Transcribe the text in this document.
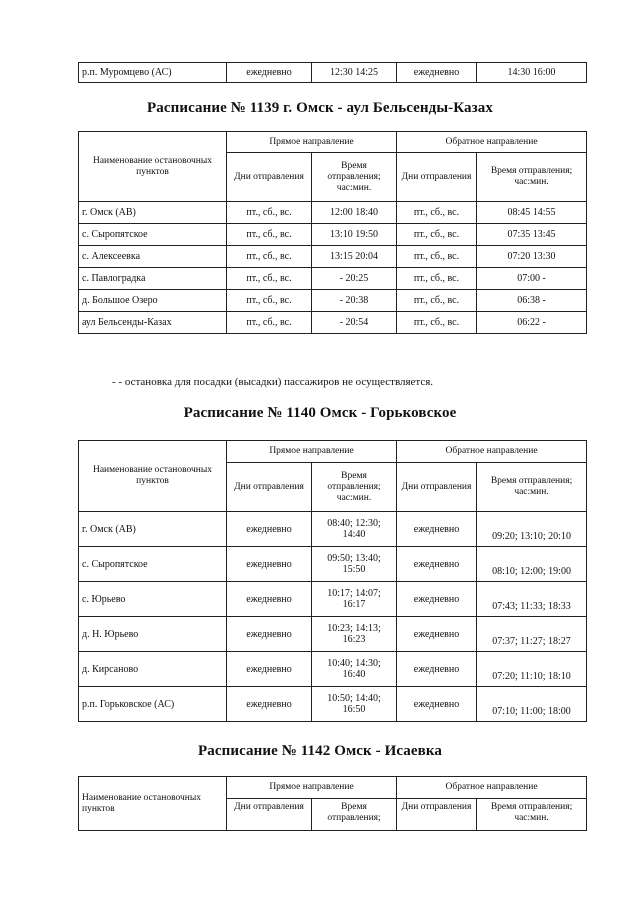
р.п. Муромцево (АС)	ежедневно	12:30 14:25	ежедневно	14:30 16:00
Расписание № 1139 г. Омск - аул Бельсенды-Казах
Наименование остановочных пунктов	Прямое направление		Обратное направление	
	Дни отправления	Время отправления; час:мин.	Дни отправления	Время отправления; час:мин.
г. Омск (АВ)	пт., сб., вс.	12:00 18:40	пт., сб., вс.	08:45 14:55
с. Сыропятское	пт., сб., вс.	13:10 19:50	пт., сб., вс.	07:35 13:45
с. Алексеевка	пт., сб., вс.	13:15 20:04	пт., сб., вс.	07:20 13:30
с. Павлоградка	пт., сб., вс.	- 20:25	пт., сб., вс.	07:00 -
д. Большое Озеро	пт., сб., вс.	- 20:38	пт., сб., вс.	06:38 -
аул Бельсенды-Казах	пт., сб., вс.	- 20:54	пт., сб., вс.	06:22 -
- - остановка для посадки (высадки) пассажиров не осуществляется.
Расписание № 1140 Омск - Горьковское
Наименование остановочных пунктов	Прямое направление		Обратное направление	
	Дни отправления	Время отправления; час:мин.	Дни отправления	Время отправления; час:мин.
г. Омск (АВ)	ежедневно	08:40; 12:30; 14:40	ежедневно	09:20; 13:10; 20:10
с. Сыропятское	ежедневно	09:50; 13:40; 15:50	ежедневно	08:10; 12:00; 19:00
с. Юрьево	ежедневно	10:17; 14:07; 16:17	ежедневно	07:43; 11:33; 18:33
д. Н. Юрьево	ежедневно	10:23; 14:13; 16:23	ежедневно	07:37; 11:27; 18:27
д. Кирсаново	ежедневно	10:40; 14:30; 16:40	ежедневно	07:20; 11:10; 18:10
р.п. Горьковское (АС)	ежедневно	10:50; 14:40; 16:50	ежедневно	07:10; 11:00; 18:00
Расписание № 1142 Омск - Исаевка
Наименование остановочных пунктов	Прямое направление		Обратное направление	
	Дни отправления	Время отправления;	Дни отправления	Время отправления; час:мин.
